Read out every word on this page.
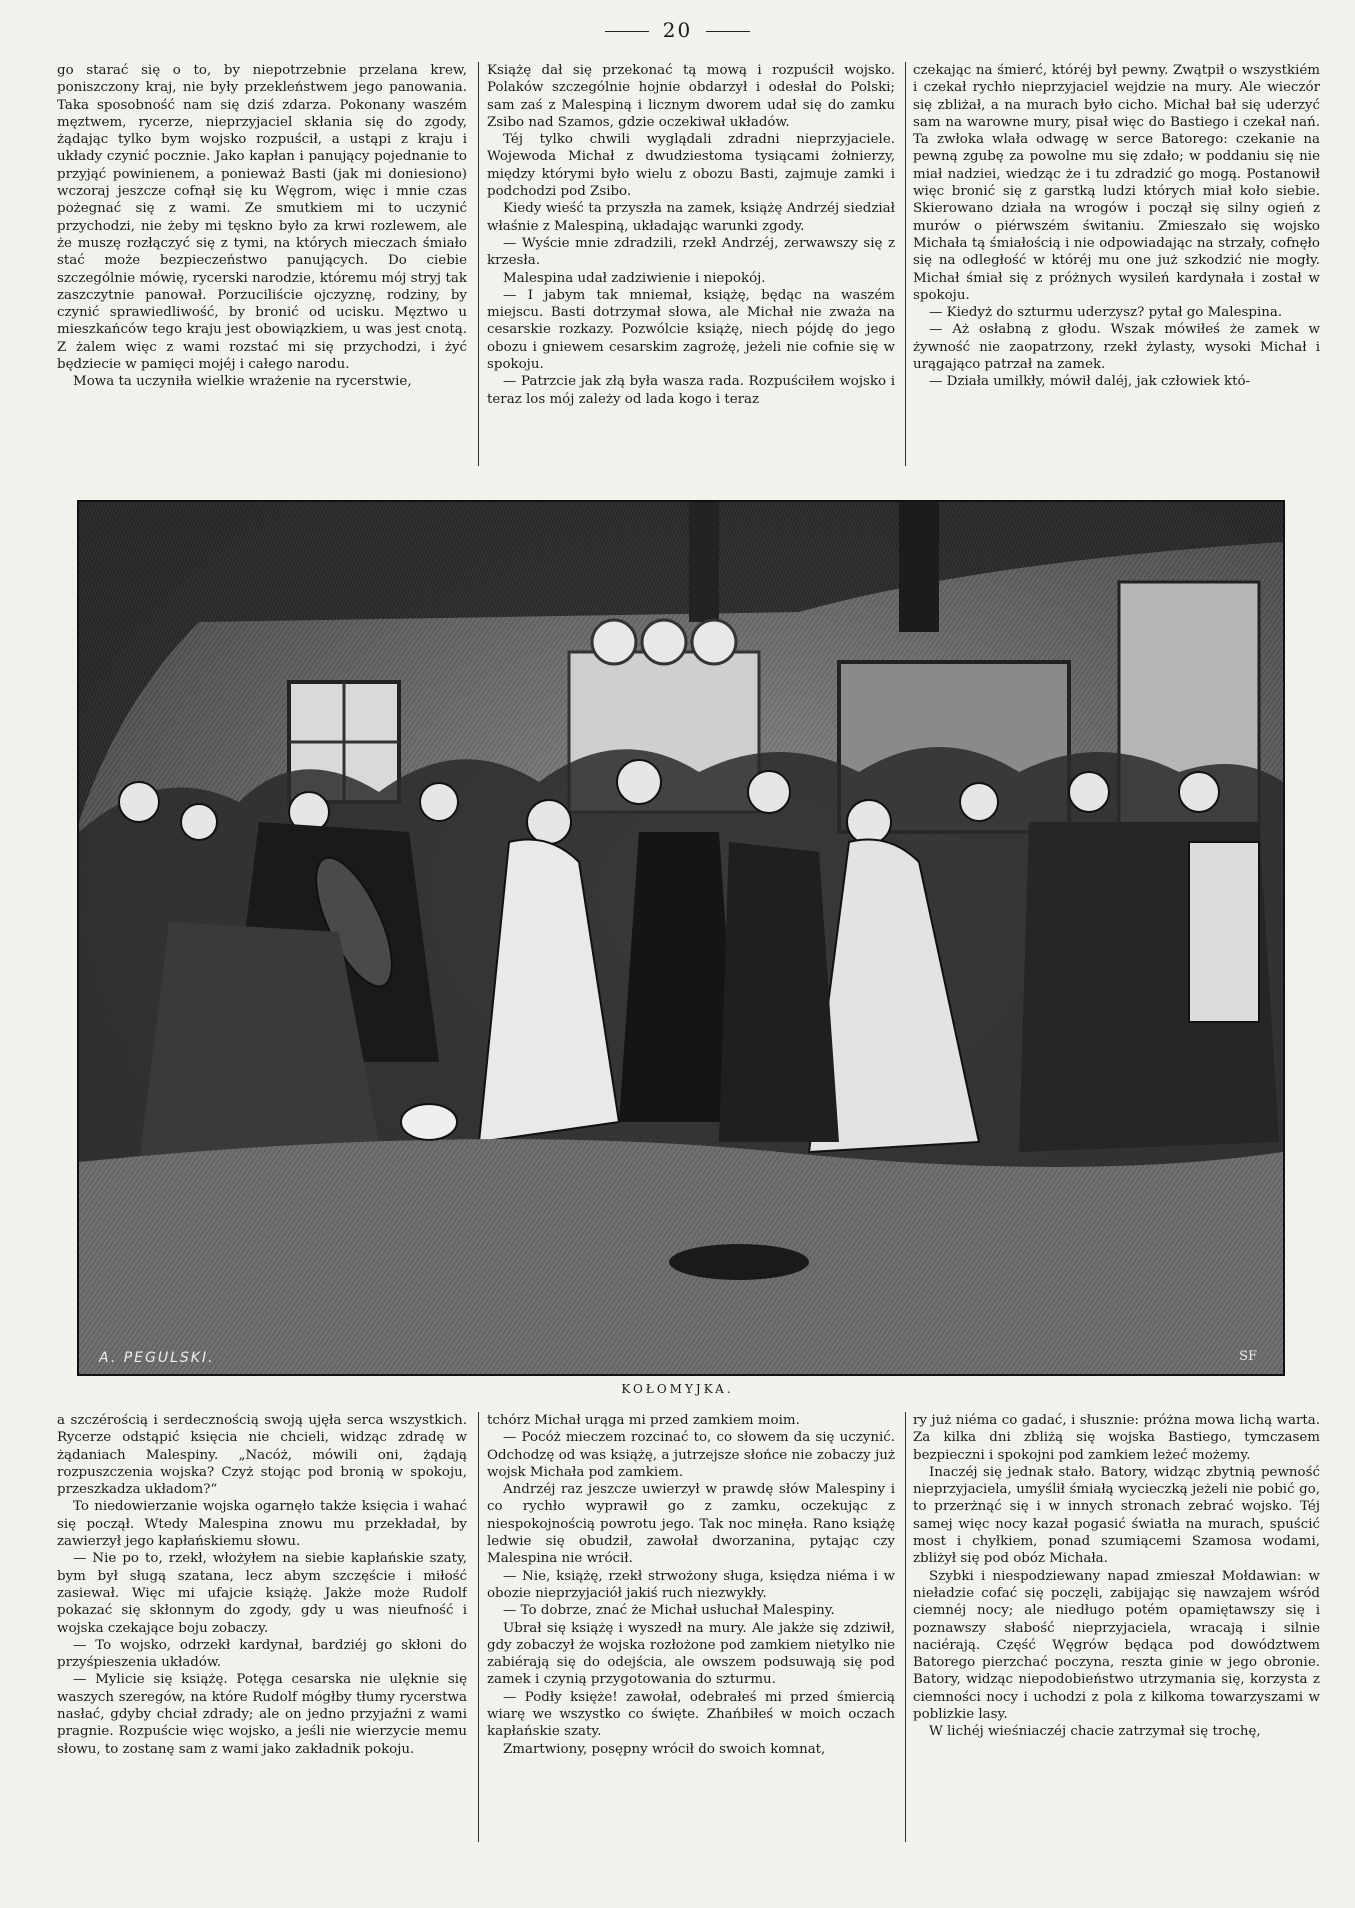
20

go starać się o to, by niepotrzebnie przelana krew, poniszczony kraj, nie były przekleństwem jego panowania. Taka sposobność nam się dziś zdarza. Pokonany waszém męztwem, rycerze, nieprzyjaciel skłania się do zgody, żądając tylko bym wojsko rozpuścił, a ustąpi z kraju i układy czynić pocznie. Jako kapłan i panujący pojednanie to przyjąć powinienem, a ponieważ Basti (jak mi doniesiono) wczoraj jeszcze cofnął się ku Węgrom, więc i mnie czas pożegnać się z wami. Ze smutkiem mi to uczynić przychodzi, nie żeby mi tęskno było za krwi rozlewem, ale że muszę rozłączyć się z tymi, na których mieczach śmiało stać może bezpieczeństwo panujących. Do ciebie szczególnie mówię, rycerski narodzie, któremu mój stryj tak zaszczytnie panował. Porzuciliście ojczyznę, rodziny, by czynić sprawiedliwość, by bronić od ucisku. Męztwo u mieszkańców tego kraju jest obowiązkiem, u was jest cnotą. Z żalem więc z wami rozstać mi się przychodzi, i żyć będziecie w pamięci mojéj i całego narodu.

Mowa ta uczyniła wielkie wrażenie na rycerstwie,

Książę dał się przekonać tą mową i rozpuścił wojsko. Polaków szczególnie hojnie obdarzył i odesłał do Polski; sam zaś z Malespiną i licznym dworem udał się do zamku Zsibo nad Szamos, gdzie oczekiwał układów.

Téj tylko chwili wyglądali zdradni nieprzyjaciele. Wojewoda Michał z dwudziestoma tysiącami żołnierzy, między którymi było wielu z obozu Basti, zajmuje zamki i podchodzi pod Zsibo.

Kiedy wieść ta przyszła na zamek, książę Andrzéj siedział właśnie z Malespiną, układając warunki zgody.

— Wyście mnie zdradzili, rzekł Andrzéj, zerwawszy się z krzesła.

Malespina udał zadziwienie i niepokój.

— I jabym tak mniemał, książę, będąc na waszém miejscu. Basti dotrzymał słowa, ale Michał nie zważa na cesarskie rozkazy. Pozwólcie książę, niech pójdę do jego obozu i gniewem cesarskim zagrożę, jeżeli nie cofnie się w spokoju.

— Patrzcie jak złą była wasza rada. Rozpuściłem wojsko i teraz los mój zależy od lada kogo i teraz

czekając na śmierć, któréj był pewny. Zwątpił o wszystkiém i czekał rychło nieprzyjaciel wejdzie na mury. Ale wieczór się zbliżał, a na murach było cicho. Michał bał się uderzyć sam na warowne mury, pisał więc do Bastiego i czekał nań. Ta zwłoka wlała odwagę w serce Batorego: czekanie na pewną zgubę za powolne mu się zdało; w poddaniu się nie miał nadziei, wiedząc że i tu zdradzić go mogą. Postanowił więc bronić się z garstką ludzi których miał koło siebie. Skierowano działa na wrogów i począł się silny ogień z murów o piérwszém świtaniu. Zmieszało się wojsko Michała tą śmiałością i nie odpowiadając na strzały, cofnęło się na odległość w któréj mu one już szkodzić nie mogły. Michał śmiał się z próżnych wysileń kardynała i został w spokoju.

— Kiedyż do szturmu uderzysz? pytał go Malespina.

— Aż osłabną z głodu. Wszak mówiłeś że zamek w żywność nie zaopatrzony, rzekł żylasty, wysoki Michał i urągająco patrzał na zamek.

— Działa umilkły, mówił daléj, jak człowiek któ-

A. PEGULSKI.	SF
KOŁOMYJKA.

a szczérością i serdecznością swoją ujęła serca wszystkich. Rycerze odstąpić księcia nie chcieli, widząc zdradę w żądaniach Malespiny. „Nacóż, mówili oni, żądają rozpuszczenia wojska? Czyż stojąc pod bronią w spokoju, przeszkadza układom?“

To niedowierzanie wojska ogarnęło także księcia i wahać się począł. Wtedy Malespina znowu mu przekładał, by zawierzył jego kapłańskiemu słowu.

— Nie po to, rzekł, włożyłem na siebie kapłańskie szaty, bym był sługą szatana, lecz abym szczęście i miłość zasiewał. Więc mi ufajcie książę. Jakże może Rudolf pokazać się skłonnym do zgody, gdy u was nieufność i wojska czekające boju zobaczy.

— To wojsko, odrzekł kardynał, bardziéj go skłoni do przyśpieszenia układów.

— Mylicie się książę. Potęga cesarska nie ulęknie się waszych szeregów, na które Rudolf mógłby tłumy rycerstwa nasłać, gdyby chciał zdrady; ale on jedno przyjaźni z wami pragnie. Rozpuście więc wojsko, a jeśli nie wierzycie memu słowu, to zostanę sam z wami jako zakładnik pokoju.

tchórz Michał urąga mi przed zamkiem moim.

— Pocóż mieczem rozcinać to, co słowem da się uczynić. Odchodzę od was książę, a jutrzejsze słońce nie zobaczy już wojsk Michała pod zamkiem.

Andrzéj raz jeszcze uwierzył w prawdę słów Malespiny i co rychło wyprawił go z zamku, oczekując z niespokojnością powrotu jego. Tak noc minęła. Rano książę ledwie się obudził, zawołał dworzanina, pytając czy Malespina nie wrócił.

— Nie, książę, rzekł strwożony sługa, księdza niéma i w obozie nieprzyjaciół jakiś ruch niezwykły.

— To dobrze, znać że Michał usłuchał Malespiny.

Ubrał się książę i wyszedł na mury. Ale jakże się zdziwił, gdy zobaczył że wojska rozłożone pod zamkiem nietylko nie zabiérają się do odejścia, ale owszem podsuwają się pod zamek i czynią przygotowania do szturmu.

— Podły księże! zawołał, odebrałeś mi przed śmiercią wiarę we wszystko co święte. Zhańbiłeś w moich oczach kapłańskie szaty.

Zmartwiony, posępny wrócił do swoich komnat,

ry już niéma co gadać, i słusznie: próżna mowa lichą warta. Za kilka dni zbliżą się wojska Bastiego, tymczasem bezpieczni i spokojni pod zamkiem leżeć możemy.

Inaczéj się jednak stało. Batory, widząc zbytnią pewność nieprzyjaciela, umyślił śmiałą wycieczką jeżeli nie pobić go, to przerżnąć się i w innych stronach zebrać wojsko. Téj samej więc nocy kazał pogasić światła na murach, spuścić most i chyłkiem, ponad szumiącemi Szamosa wodami, zbliżył się pod obóz Michała.

Szybki i niespodziewany napad zmieszał Mołdawian: w nieładzie cofać się poczęli, zabijając się nawzajem wśród ciemnéj nocy; ale niedługo potém opamiętawszy się i poznawszy słabość nieprzyjaciela, wracają i silnie naciérają. Część Węgrów będąca pod dowództwem Batorego pierzchać poczyna, reszta ginie w jego obronie. Batory, widząc niepodobieństwo utrzymania się, korzysta z ciemności nocy i uchodzi z pola z kilkoma towarzyszami w poblizkie lasy.

W lichéj wieśniaczéj chacie zatrzymał się trochę,
